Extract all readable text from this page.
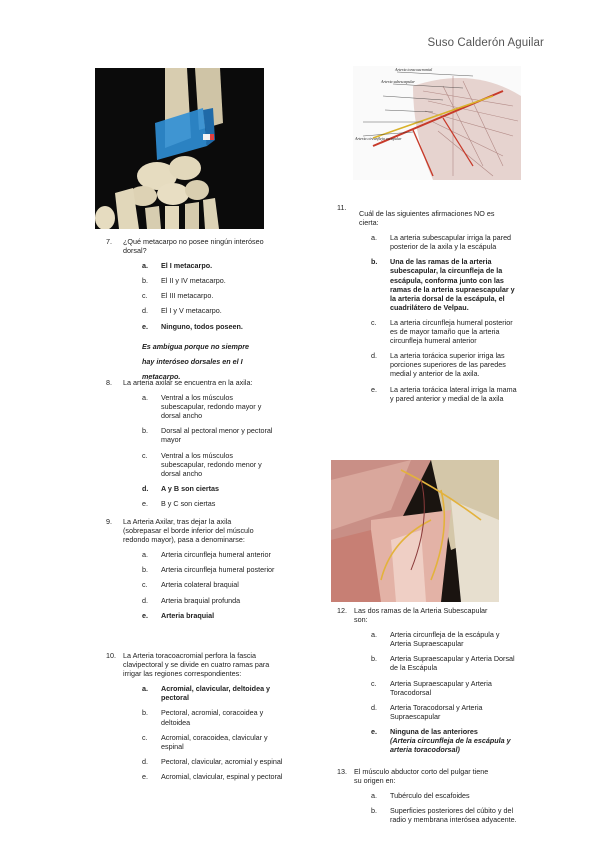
Suso Calderón Aguilar
Arteria toracoacromial
Arteria subescapular
Arteria circunfleja escapular
7. ¿Qué metacarpo no posee ningún interóseo dorsal?
a. El I metacarpo.
b. El II y IV metacarpo.
c. El III metacarpo.
d. El I y V metacarpo.
e. Ninguno, todos poseen.
Es ambigua porque no siempre hay interóseo dorsales en el I metacarpo.
8. La arteria axilar se encuentra en la axila:
a. Ventral a los músculos subescapular, redondo mayor y dorsal ancho
b. Dorsal al pectoral menor y pectoral mayor
c. Ventral a los músculos subescapular, redondo menor y dorsal ancho
d. A y B son ciertas
e. B y C son ciertas
9. La Arteria Axilar, tras dejar la axila (sobrepasar el borde inferior del músculo redondo mayor), pasa a denominarse:
a. Arteria circunfleja humeral anterior
b. Arteria circunfleja humeral posterior
c. Arteria colateral braquial
d. Arteria braquial profunda
e. Arteria braquial
10. La Arteria toracoacromial perfora la fascia clavipectoral y se divide en cuatro ramas para irrigar las regiones correspondientes:
a. Acromial, clavicular, deltoidea y pectoral
b. Pectoral, acromial, coracoidea y deltoidea
c. Acromial, coracoidea, clavicular y espinal
d. Pectoral, clavicular, acromial y espinal
e. Acromial, clavicular, espinal y pectoral
11.
Cuál de las siguientes afirmaciones NO es cierta:
a. La arteria subescapular irriga la pared posterior de la axila y la escápula
b. Una de las ramas de la arteria subescapular, la circunfleja de la escápula, conforma junto con las ramas de la arteria supraescapular y la arteria dorsal de la escápula, el cuadrilátero de Velpau.
c. La arteria circunfleja humeral posterior es de mayor tamaño que la arteria circunfleja humeral anterior
d. La arteria torácica superior irriga las porciones superiores de las paredes medial y anterior de la axila.
e. La arteria torácica lateral irriga la mama y pared anterior y medial de la axila
12. Las dos ramas de la Arteria Subescapular son:
a. Arteria circunfleja de la escápula y Arteria Supraescapular
b. Arteria Supraescapular y Arteria Dorsal de la Escápula
c. Arteria Supraescapular y Arteria Toracodorsal
d. Arteria Toracodorsal y Arteria Supraescapular
e. Ninguna de las anteriores
(Arteria circunfleja de la escápula y arteria toracodorsal)
13. El músculo abductor corto del pulgar tiene su origen en:
a. Tubérculo del escafoides
b. Superficies posteriores del cúbito y del radio y membrana interósea adyacente.
